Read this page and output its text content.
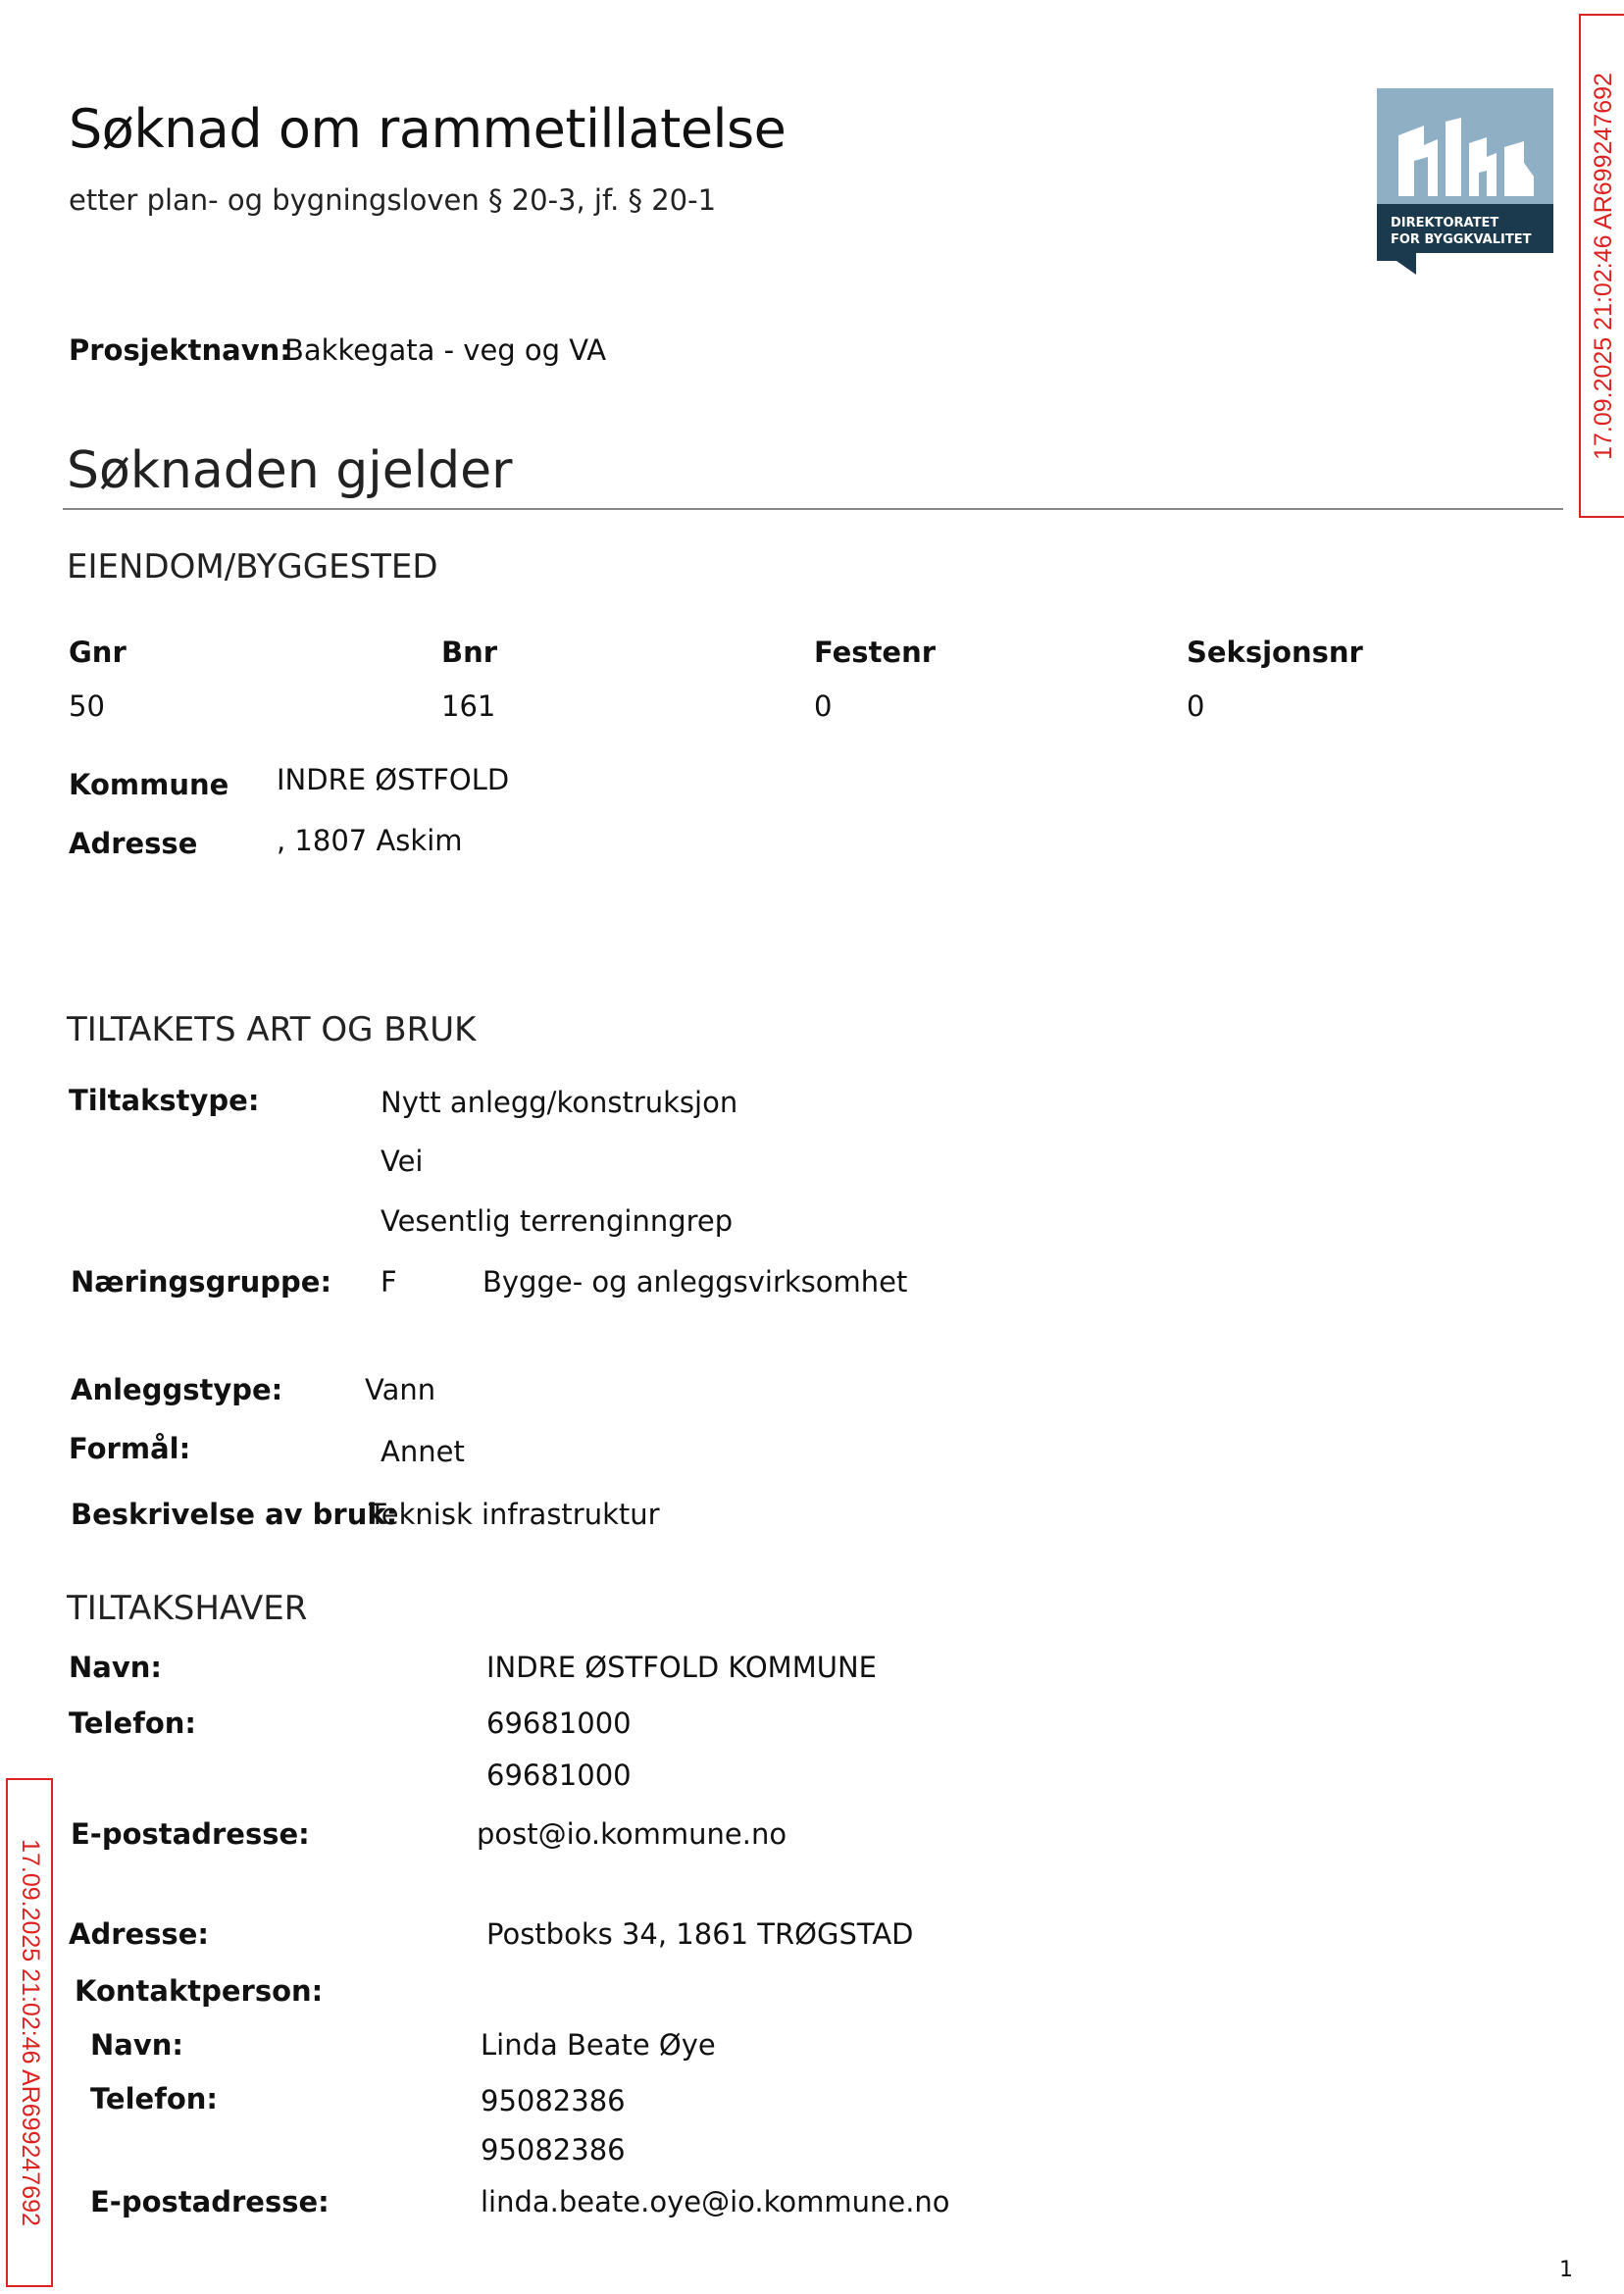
Søknad om rammetillatelse
etter plan- og bygningsloven § 20-3, jf. § 20-1
DIREKTORATET
FOR BYGGKVALITET 17.09.2025 21:02:46 AR699247692
17.09.2025 21:02:46 AR699247692
Prosjektnavn:
Bakkegata - veg og VA
Søknaden gjelder
EIENDOM/BYGGESTED
Gnr	Bnr	Festenr	Seksjonsnr
50	161	0	0
Kommune INDRE ØSTFOLD
Adresse	, 1807 Askim
TILTAKETS ART OG BRUK
Tiltakstype:	Nytt anlegg/konstruksjon
Vei
Vesentlig terrenginngrep
Næringsgruppe: F	Bygge- og anleggsvirksomhet
Anleggstype:	Vann
Formål:	Annet
Beskrivelse av bruk:
Teknisk infrastruktur
TILTAKSHAVER
Navn:	INDRE ØSTFOLD KOMMUNE
Telefon:	69681000
69681000
E-postadresse:	post@io.kommune.no
Adresse:	Postboks 34, 1861 TRØGSTAD
Kontaktperson:
Navn:	Linda Beate Øye
Telefon:	95082386
95082386
E-postadresse:	linda.beate.oye@io.kommune.no
1
